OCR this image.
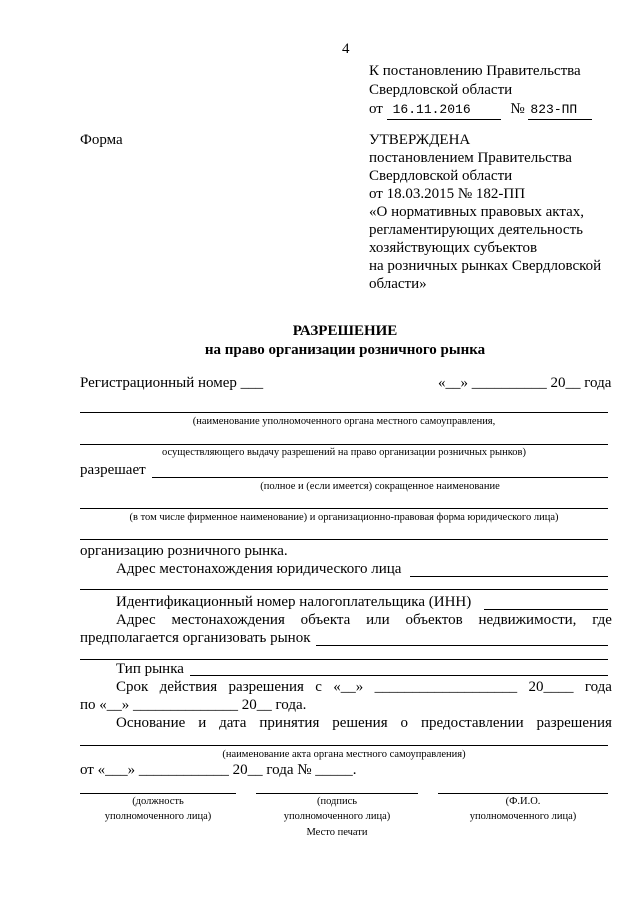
4
К постановлению Правительства
Свердловской области
от 16.11.2016	№ 823-ПП
Форма	УТВЕРЖДЕНА
постановлением Правительства
Свердловской области
от 18.03.2015 № 182-ПП
«О нормативных правовых актах,
регламентирующих деятельность
хозяйствующих субъектов
на розничных рынках Свердловской
области»
РАЗРЕШЕНИЕ
на право организации розничного рынка
Регистрационный номер ___	«__» __________ 20__ года
(наименование уполномоченного органа местного самоуправления,
осуществляющего выдачу разрешений на право организации розничных рынков)
разрешает
(полное и (если имеется) сокращенное наименование
(в том числе фирменное наименование) и организационно-правовая форма юридического лица)
организацию розничного рынка.
Адрес местонахождения юридического лица
Идентификационный номер налогоплательщика (ИНН)
Адрес местонахождения объекта или объектов недвижимости, где
предполагается организовать рынок
Тип рынка
Срок действия разрешения с «__» ___________________ 20____ года
по «__» ______________ 20__ года.
Основание и дата принятия решения о предоставлении разрешения
(наименование акта органа местного самоуправления)
от «___» ____________ 20__ года № _____.
(должность
уполномоченного лица)
(подпись
уполномоченного лица)
(Ф.И.О.
уполномоченного лица)
Место печати
